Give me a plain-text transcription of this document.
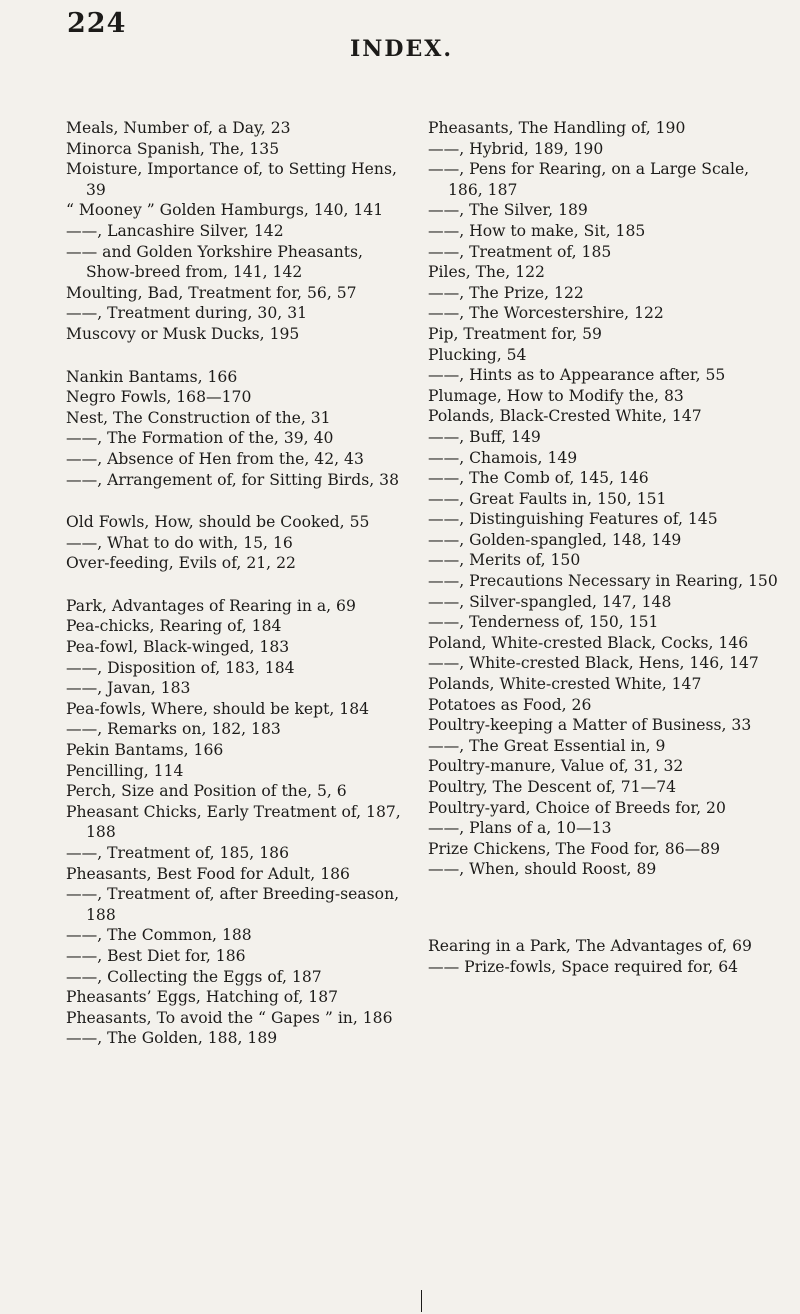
224
INDEX.
Meals, Number of, a Day, 23
Minorca Spanish, The, 135
Moisture, Importance of, to Setting Hens, 39
“ Mooney ” Golden Hamburgs, 140, 141
——, Lancashire Silver, 142
—— and Golden Yorkshire Pheasants, Show-breed from, 141, 142
Moulting, Bad, Treatment for, 56, 57
——, Treatment during, 30, 31
Muscovy or Musk Ducks, 195
Nankin Bantams, 166
Negro Fowls, 168—170
Nest, The Construction of the, 31
——, The Formation of the, 39, 40
——, Absence of Hen from the, 42, 43
——, Arrangement of, for Sitting Birds, 38
Old Fowls, How, should be Cooked, 55
——, What to do with, 15, 16
Over-feeding, Evils of, 21, 22
Park, Advantages of Rearing in a, 69
Pea-chicks, Rearing of, 184
Pea-fowl, Black-winged, 183
——, Disposition of, 183, 184
——, Javan, 183
Pea-fowls, Where, should be kept, 184
——, Remarks on, 182, 183
Pekin Bantams, 166
Pencilling, 114
Perch, Size and Position of the, 5, 6
Pheasant Chicks, Early Treatment of, 187, 188
——, Treatment of, 185, 186
Pheasants, Best Food for Adult, 186
——, Treatment of, after Breeding-season, 188
——, The Common, 188
——, Best Diet for, 186
——, Collecting the Eggs of, 187
Pheasants’ Eggs, Hatching of, 187
Pheasants, To avoid the “ Gapes ” in, 186
——, The Golden, 188, 189
Pheasants, The Handling of, 190
——, Hybrid, 189, 190
——, Pens for Rearing, on a Large Scale, 186, 187
——, The Silver, 189
——, How to make, Sit, 185
——, Treatment of, 185
Piles, The, 122
——, The Prize, 122
——, The Worcestershire, 122
Pip, Treatment for, 59
Plucking, 54
——, Hints as to Appearance after, 55
Plumage, How to Modify the, 83
Polands, Black-Crested White, 147
——, Buff, 149
——, Chamois, 149
——, The Comb of, 145, 146
——, Great Faults in, 150, 151
——, Distinguishing Features of, 145
——, Golden-spangled, 148, 149
——, Merits of, 150
——, Precautions Necessary in Rearing, 150
——, Silver-spangled, 147, 148
——, Tenderness of, 150, 151
Poland, White-crested Black, Cocks, 146
——, White-crested Black, Hens, 146, 147
Polands, White-crested White, 147
Potatoes as Food, 26
Poultry-keeping a Matter of Business, 33
——, The Great Essential in, 9
Poultry-manure, Value of, 31, 32
Poultry, The Descent of, 71—74
Poultry-yard, Choice of Breeds for, 20
——, Plans of a, 10—13
Prize Chickens, The Food for, 86—89
——, When, should Roost, 89
Rearing in a Park, The Advantages of, 69
—— Prize-fowls, Space required for, 64
